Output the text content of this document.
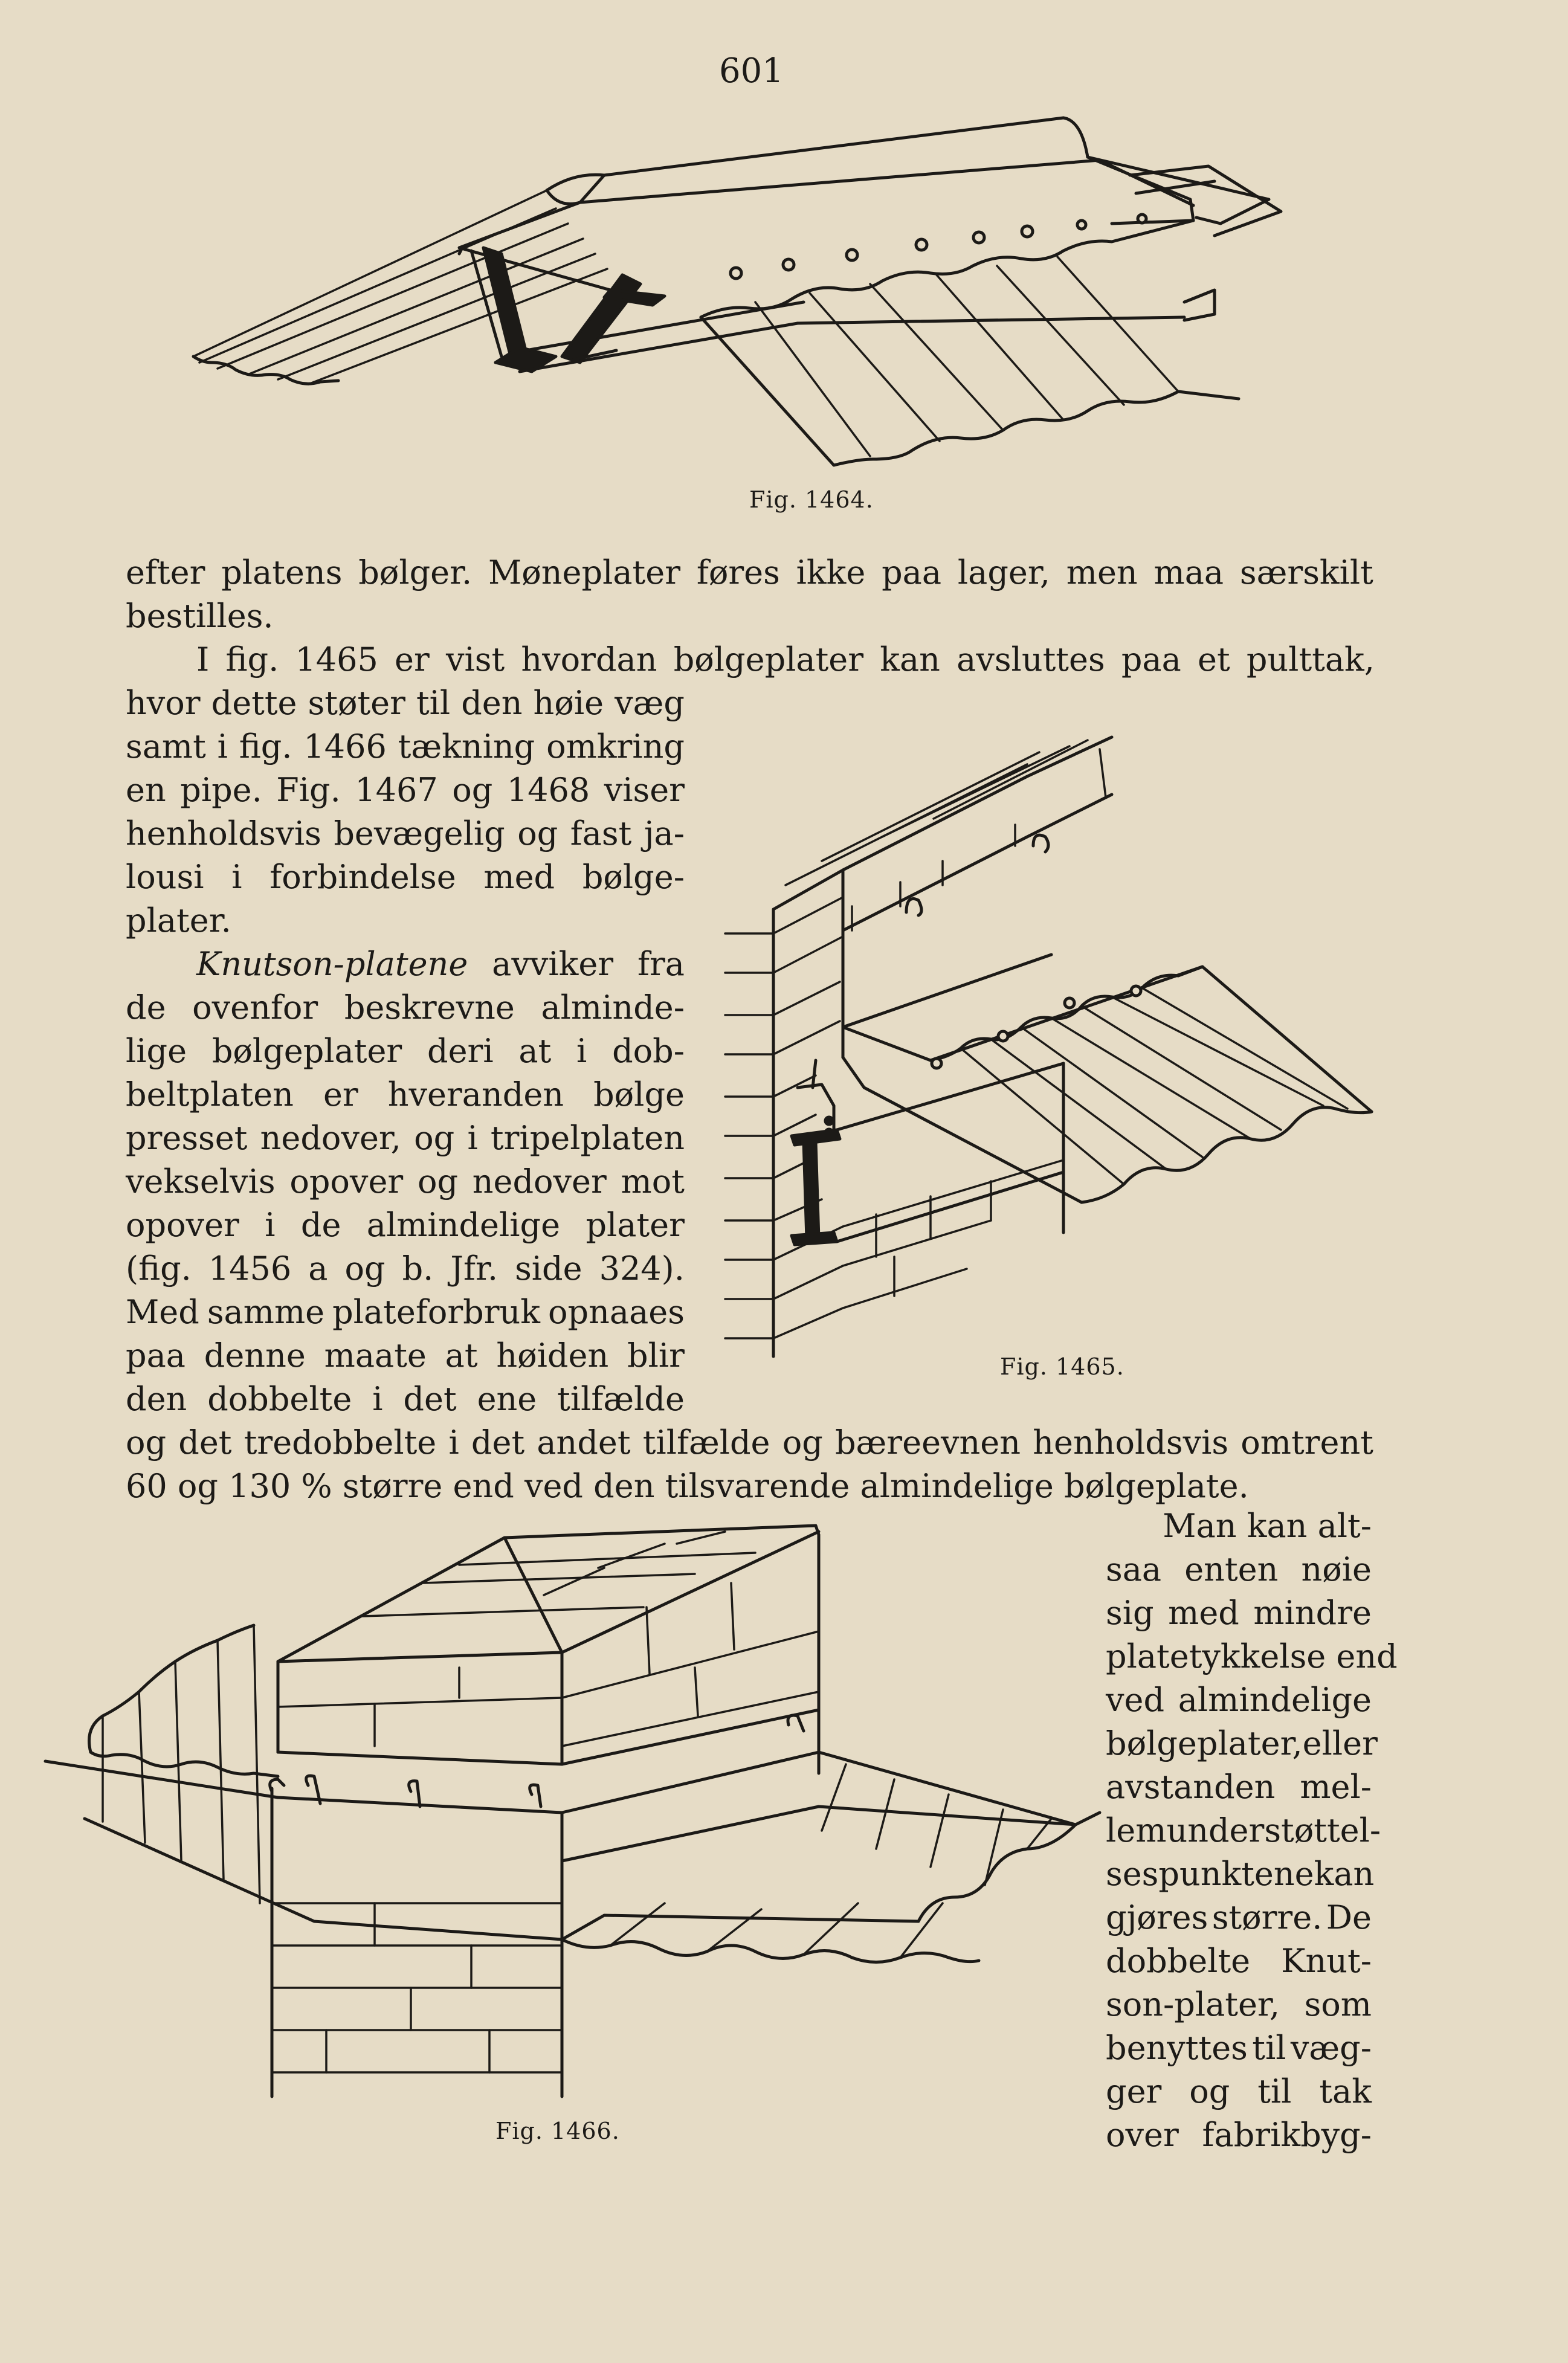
601
Fig. 1464.
efter platens bølger. Møneplater føres ikke paa lager, men maa særskilt
bestilles.
I fig. 1465 er vist hvordan bølgeplater kan avsluttes paa et pulttak,
hvor dette støter til den høie væg
samt i fig. 1466 tækning omkring
en pipe. Fig. 1467 og 1468 viser
henholdsvis bevægelig og fast ja-
lousi i forbindelse med bølge-
plater.
Knutson-platene avviker fra
de ovenfor beskrevne alminde-
lige bølgeplater deri at i dob-
beltplaten er hveranden bølge
presset nedover, og i tripelplaten
vekselvis opover og nedover mot
opover i de almindelige plater
(fig. 1456 a og b. Jfr. side 324).
Med samme plateforbruk opnaaes
paa denne maate at høiden blir
den dobbelte i det ene tilfælde
og det tredobbelte i det andet tilfælde og bæreevnen henholdsvis omtrent
60 og 130 % større end ved den tilsvarende almindelige bølgeplate.
Fig. 1465.
Fig. 1466.
Man kan alt-
saa enten nøie
sig med mindre
platetykkelse end
ved almindelige
bølgeplater, eller
avstanden mel-
lem understøttel-
sespunktene kan
gjøres større. De
dobbelte Knut-
son-plater, som
benyttes til væg-
ger og til tak
over fabrikbyg-
